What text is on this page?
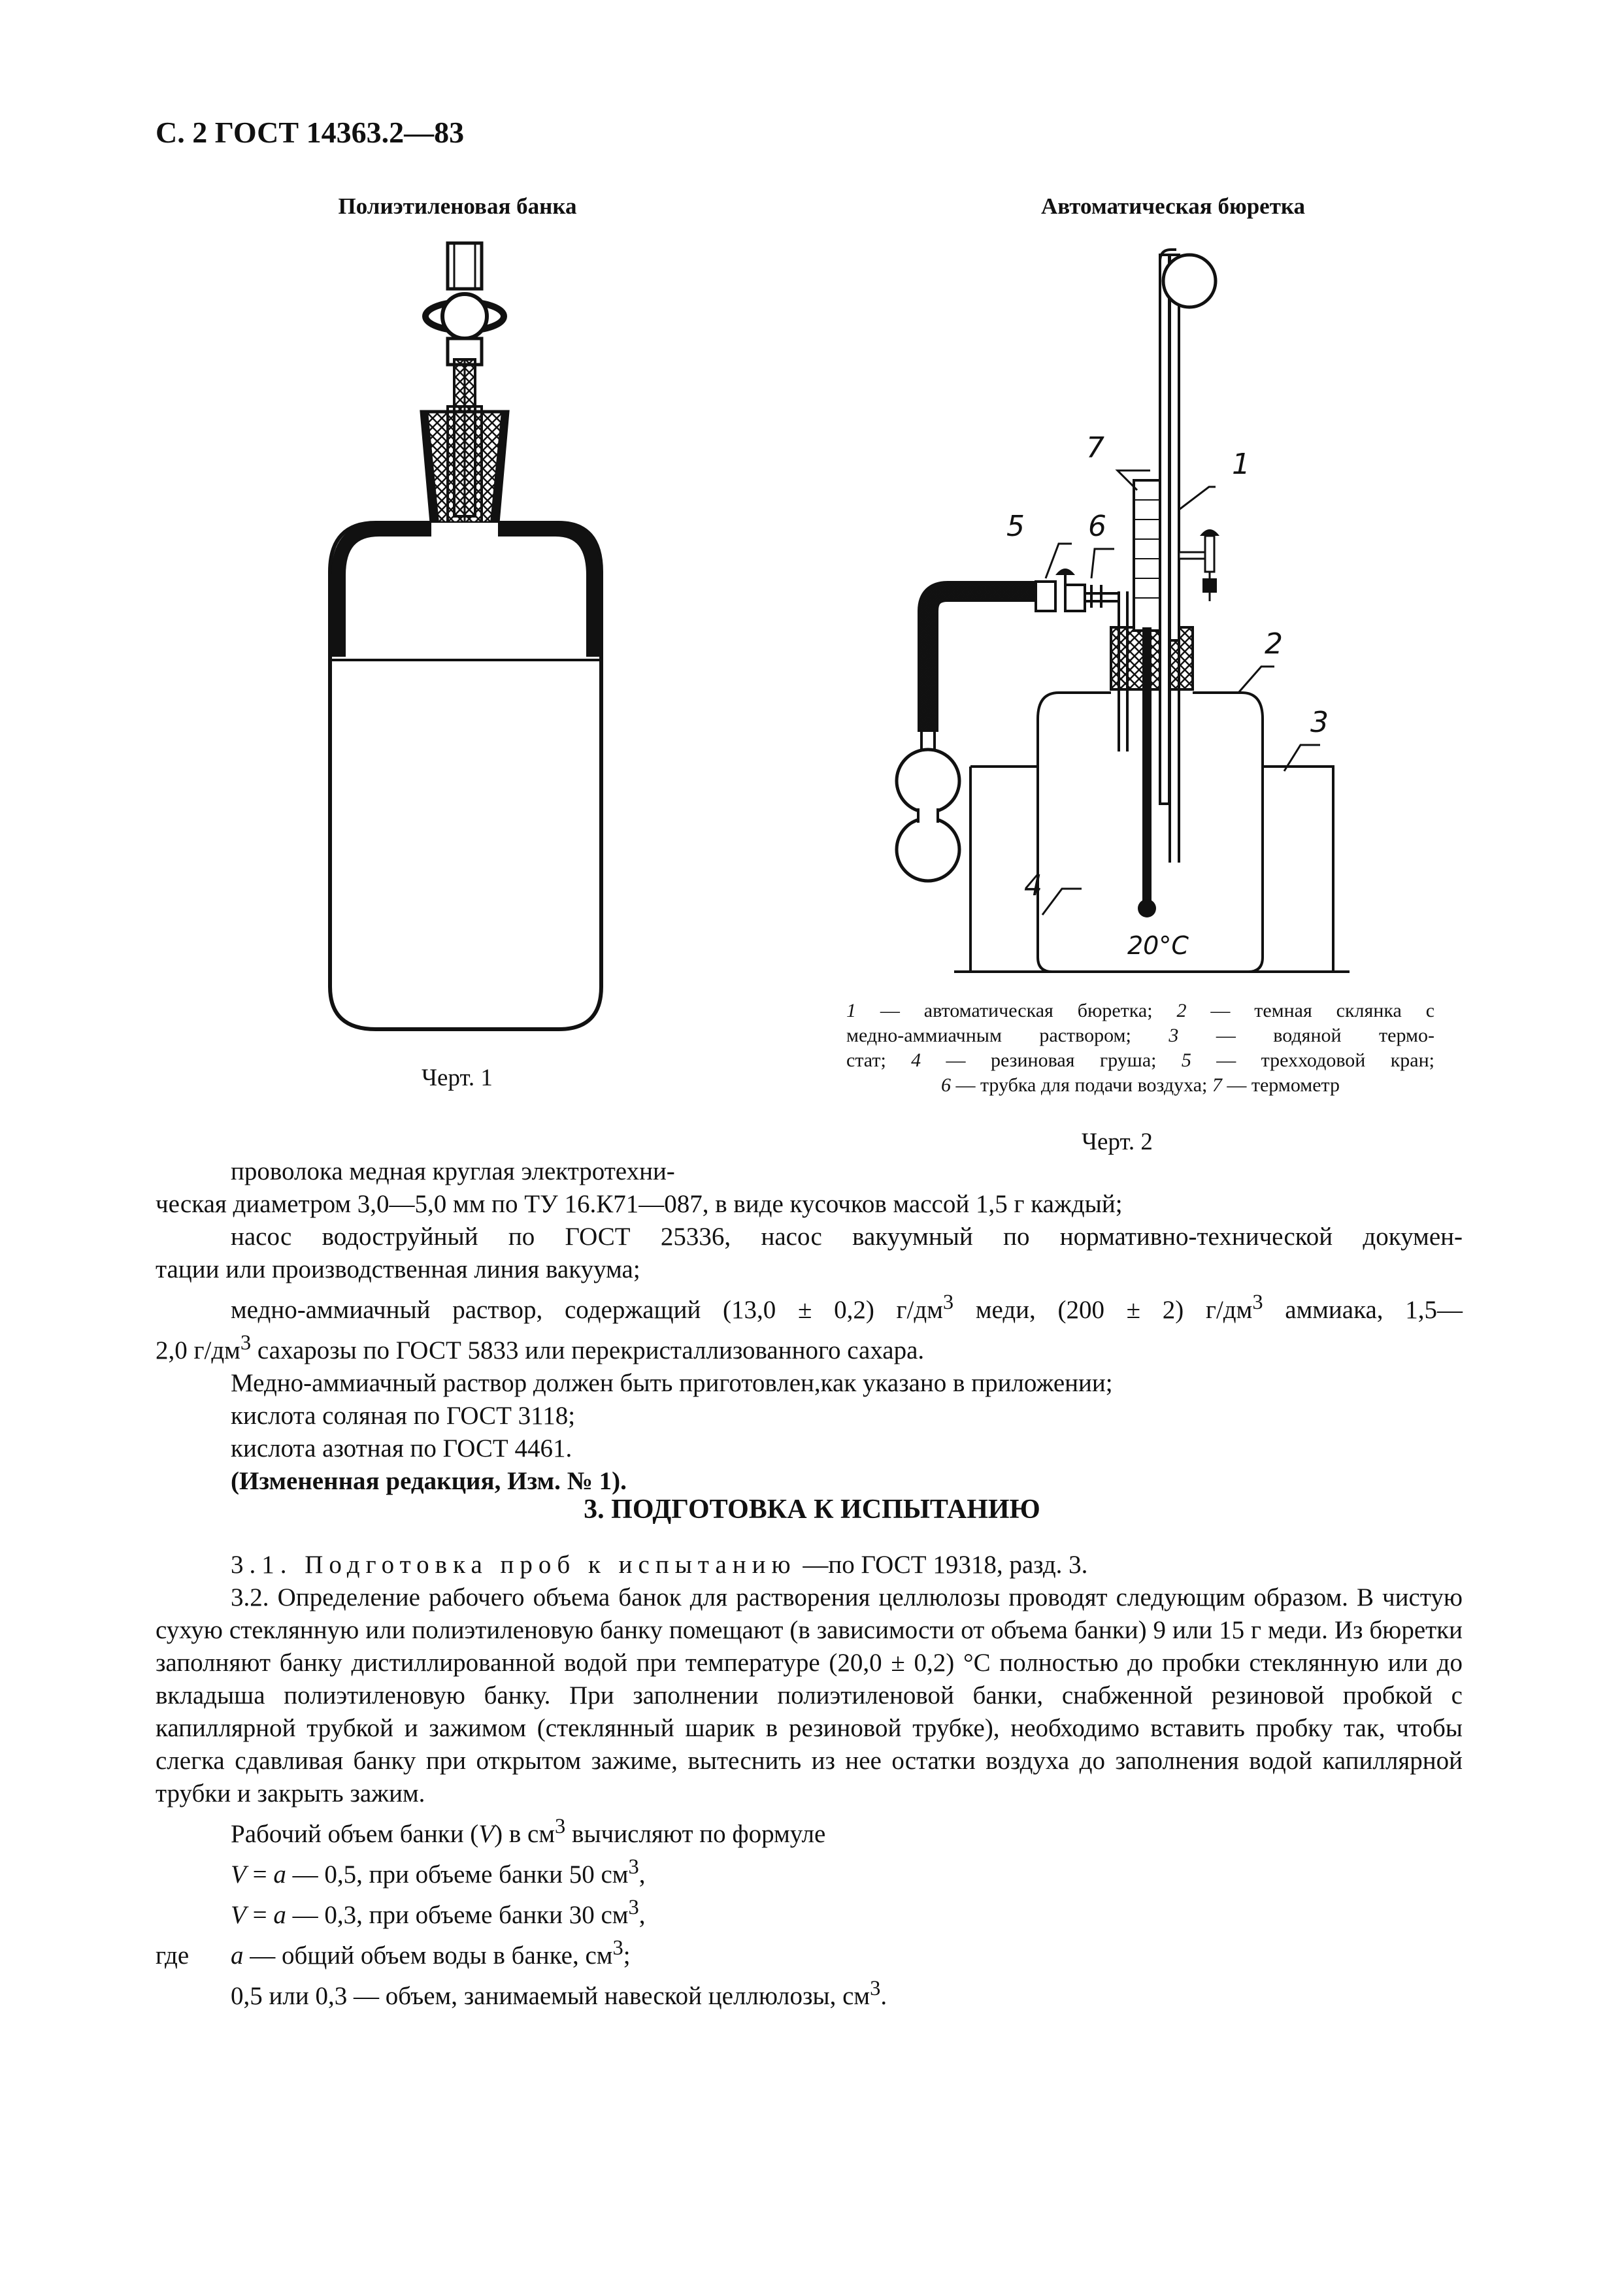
С. 2 ГОСТ 14363.2—83
Полиэтиленовая банка	Автоматическая бюретка
Черт. 1
4
5 6
7	1
2
3
20°C

1 — автоматическая бюретка; 2 — темная склянка с

медно-аммиачным раствором; 3 — водяной термо-

стат; 4 — резиновая груша; 5 — трехходовой кран;

6 — трубка для подачи воздуха; 7 — термометр

Черт. 2

проволока медная круглая электротехни-

ческая диаметром 3,0—5,0 мм по ТУ 16.К71—087, в виде кусочков массой 1,5 г каждый;

насос водоструйный по ГОСТ 25336, насос вакуумный по нормативно-технической докумен-

тации или производственная линия вакуума;

медно-аммиачный раствор, содержащий (13,0 ± 0,2) $г/дм^3$ меди, (200 ± 2) $г/дм^3$ аммиака, 1,5—

2,0 $г/дм^3$ сахарозы по ГОСТ 5833 или перекристаллизованного сахара.

Медно-аммиачный раствор должен быть приготовлен,как указано в приложении;

кислота соляная по ГОСТ 3118;

кислота азотная по ГОСТ 4461.

(Измененная редакция, Изм. № 1).

3. ПОДГОТОВКА К ИСПЫТАНИЮ

3.1. Подготовка проб к испытанию —по ГОСТ 19318, разд. 3.

3.2. Определение рабочего объема банок для растворения целлюлозы проводят следующим образом. В чистую сухую стеклянную или полиэтиленовую банку помещают (в зависимости от объема банки) 9 или 15 г меди. Из бюретки заполняют банку дистиллированной водой при температуре (20,0 ± 0,2) °С полностью до пробки стеклянную или до вкладыша полиэтиленовую банку. При заполнении полиэтиленовой банки, снабженной резиновой пробкой с капиллярной трубкой и зажимом (стеклянный шарик в резиновой трубке), необходимо вставить пробку так, чтобы слегка сдавливая банку при открытом зажиме, вытеснить из нее остатки воздуха до заполнения водой капиллярной трубки и закрыть зажим.

Рабочий объем банки (V) в $см^3$ вычисляют по формуле

V = a — 0,5, при объеме банки 50 $см^3$,

V = a — 0,3, при объеме банки 30 $см^3$,

где a — общий объем воды в банке, $см^3$;

0,5 или 0,3 — объем, занимаемый навеской целлюлозы, $см^3$.
